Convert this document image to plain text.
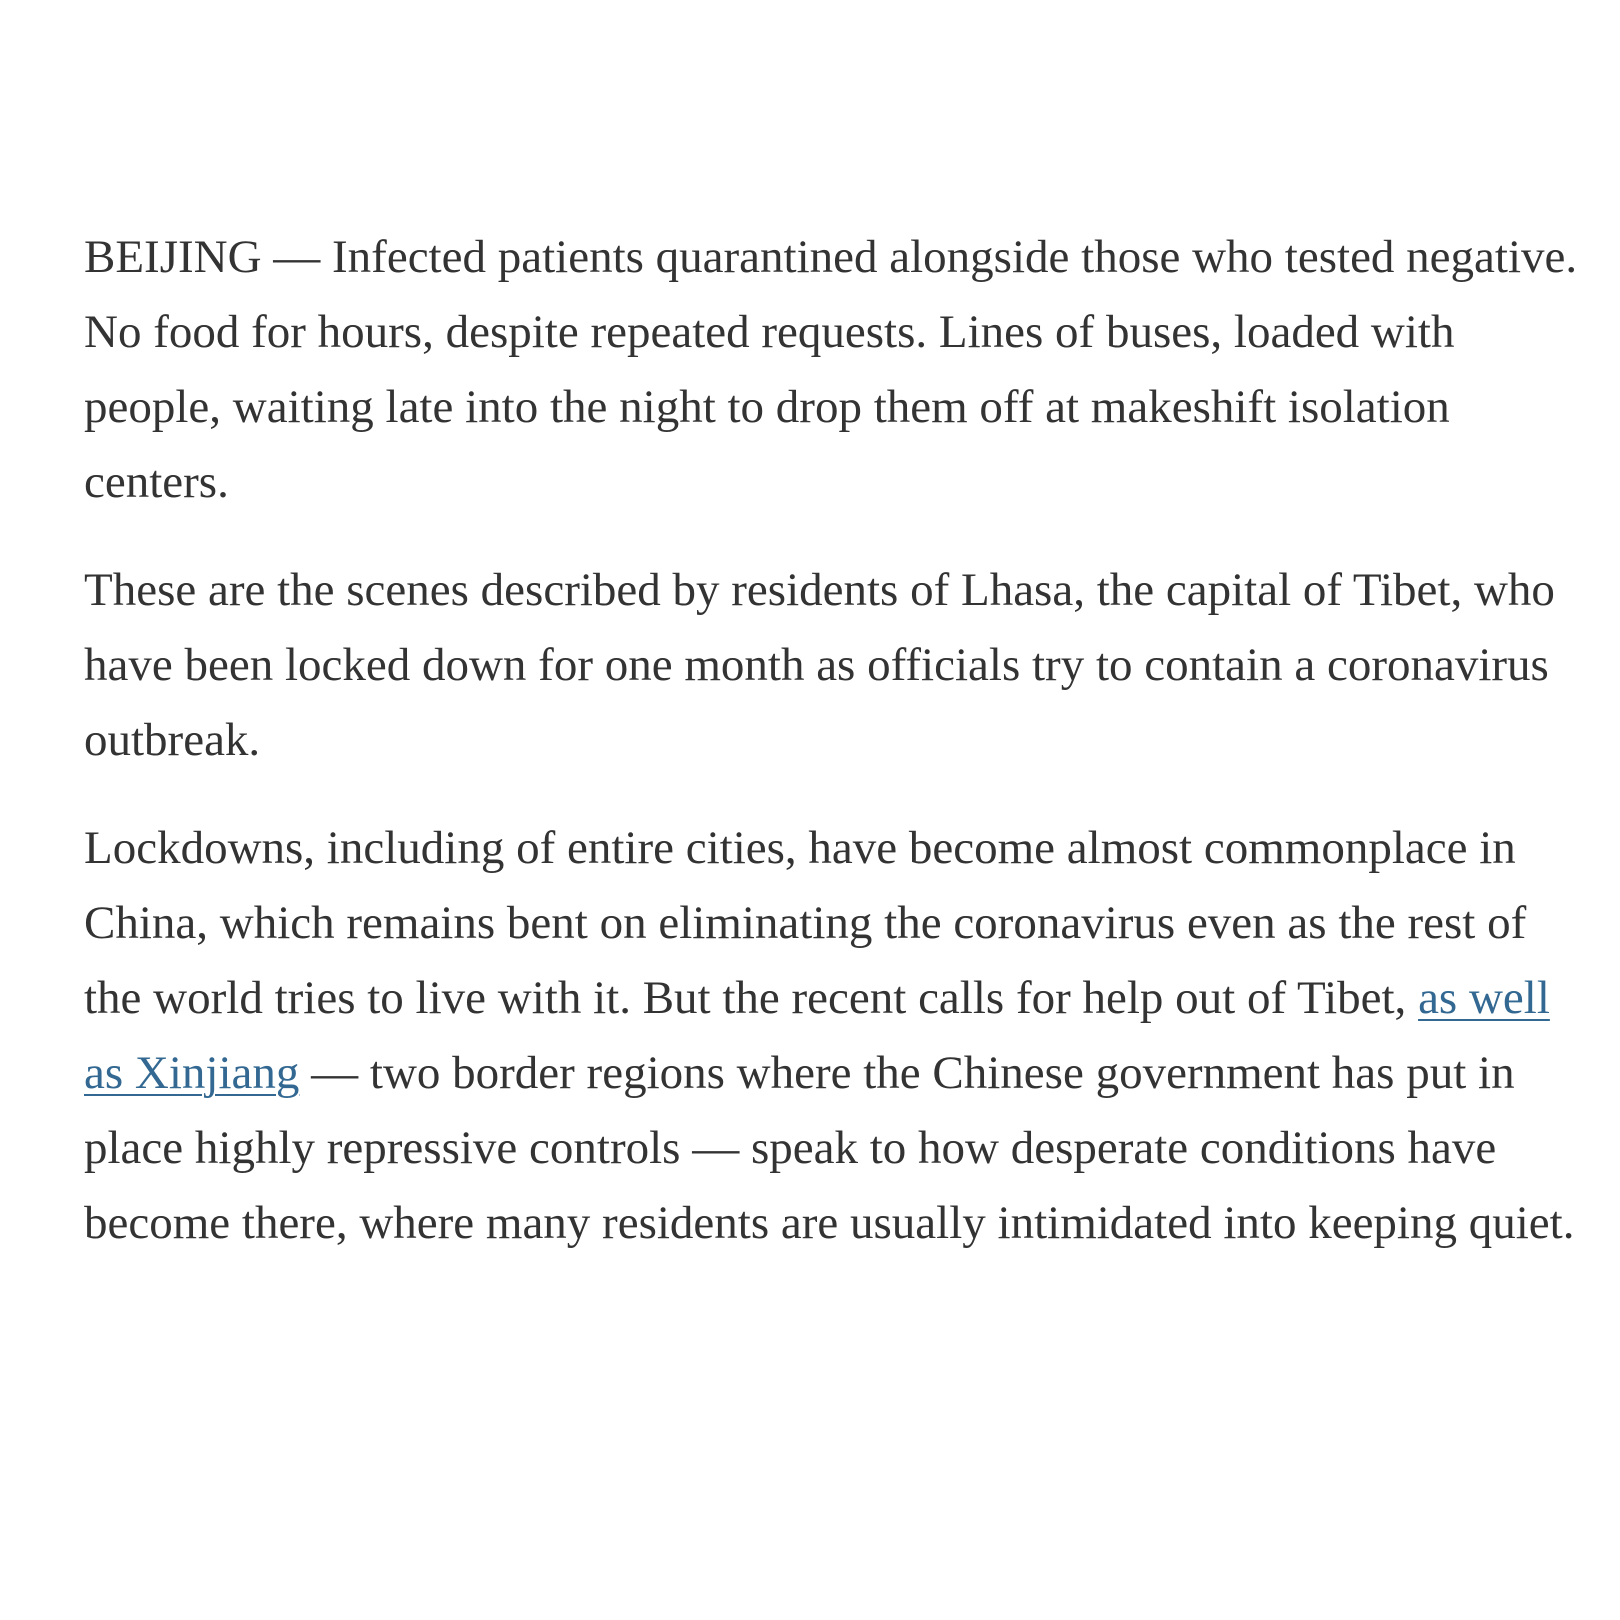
BEIJING — Infected patients quarantined alongside those who tested negative. No food for hours, despite repeated requests. Lines of buses, loaded with people, waiting late into the night to drop them off at makeshift isolation centers.

These are the scenes described by residents of Lhasa, the capital of Tibet, who have been locked down for one month as officials try to contain a coronavirus outbreak.

Lockdowns, including of entire cities, have become almost commonplace in China, which remains bent on eliminating the coronavirus even as the rest of the world tries to live with it. But the recent calls for help out of Tibet, as well as Xinjiang — two border regions where the Chinese government has put in place highly repressive controls — speak to how desperate conditions have become there, where many residents are usually intimidated into keeping quiet.
